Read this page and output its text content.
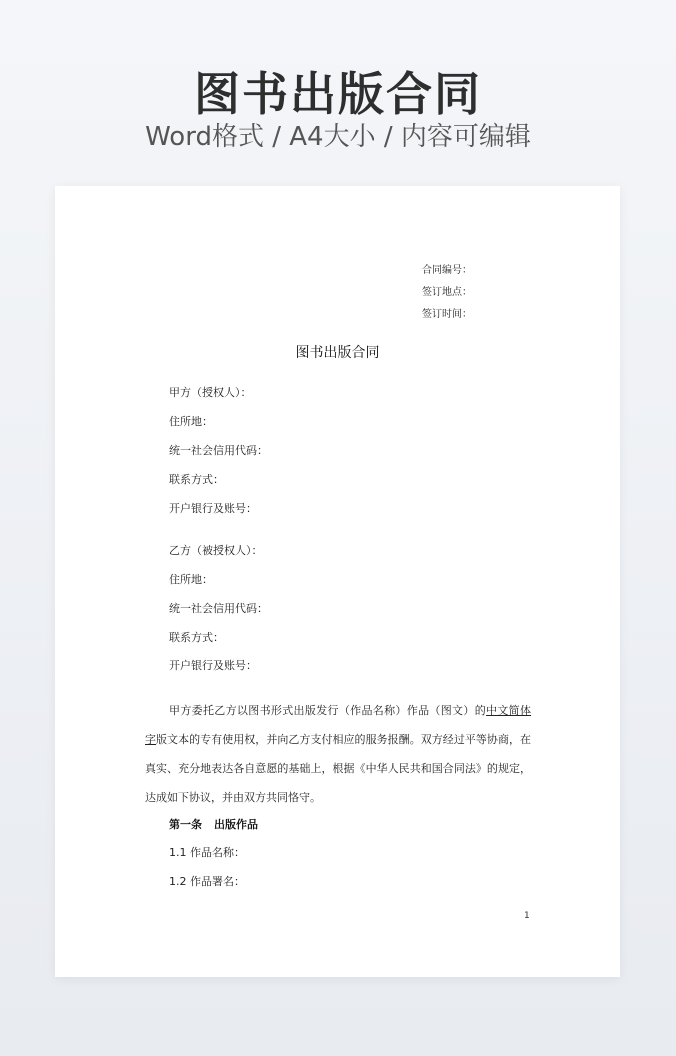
图书出版合同
Word格式 / A4大小 / 内容可编辑
合同编号：
签订地点：
签订时间：
图书出版合同
甲方（授权人）：
住所地：
统一社会信用代码：
联系方式：
开户银行及账号：
乙方（被授权人）：
住所地：
统一社会信用代码：
联系方式：
开户银行及账号：
甲方委托乙方以图书形式出版发行（作品名称）作品（图文）的中文简体字版文本的专有使用权，并向乙方支付相应的服务报酬。双方经过平等协商，在真实、充分地表达各自意愿的基础上，根据《中华人民共和国合同法》的规定，达成如下协议，并由双方共同恪守。
第一条 出版作品
1.1 作品名称：
1.2 作品署名：
1
